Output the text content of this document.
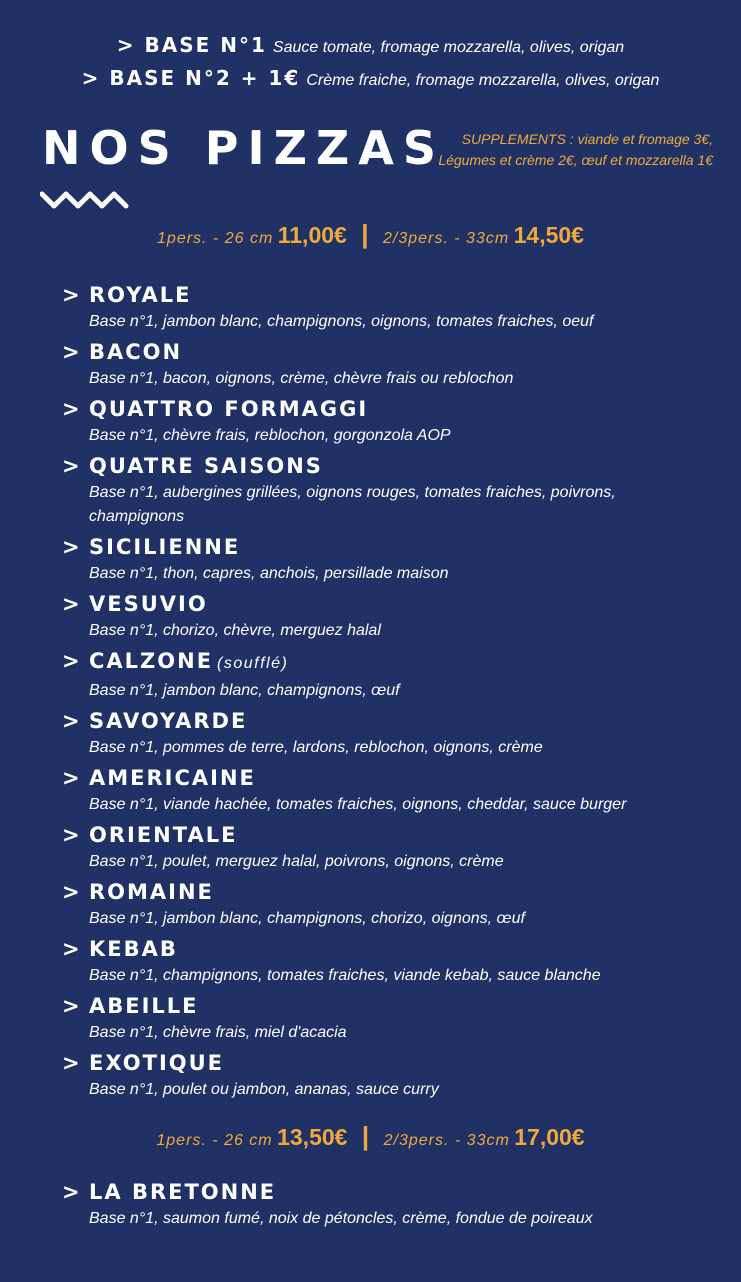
> BASE N°1 Sauce tomate, fromage mozzarella, olives, origan
> BASE N°2 + 1€ Crème fraiche, fromage mozzarella, olives, origan
NOS PIZZAS	SUPPLEMENTS : viande et fromage 3€,
Légumes et crème 2€, œuf et mozzarella 1€
1pers. - 26 cm 11,00€ | 2/3pers. - 33cm 14,50€
> ROYALE
Base n°1, jambon blanc, champignons, oignons, tomates fraiches, oeuf
> BACON
Base n°1, bacon, oignons, crème, chèvre frais ou reblochon
> QUATTRO FORMAGGI
Base n°1, chèvre frais, reblochon, gorgonzola AOP
> QUATRE SAISONS
Base n°1, aubergines grillées, oignons rouges, tomates fraiches, poivrons, champignons
> SICILIENNE
Base n°1, thon, capres, anchois, persillade maison
> VESUVIO
Base n°1, chorizo, chèvre, merguez halal
> CALZONE (soufflé)
Base n°1, jambon blanc, champignons, œuf
> SAVOYARDE
Base n°1, pommes de terre, lardons, reblochon, oignons, crème
> AMERICAINE
Base n°1, viande hachée, tomates fraiches, oignons, cheddar, sauce burger
> ORIENTALE
Base n°1, poulet, merguez halal, poivrons, oignons, crème
> ROMAINE
Base n°1, jambon blanc, champignons, chorizo, oignons, œuf
> KEBAB
Base n°1, champignons, tomates fraiches, viande kebab, sauce blanche
> ABEILLE
Base n°1, chèvre frais, miel d'acacia
> EXOTIQUE
Base n°1, poulet ou jambon, ananas, sauce curry
1pers. - 26 cm 13,50€ | 2/3pers. - 33cm 17,00€
> LA BRETONNE
Base n°1, saumon fumé, noix de pétoncles, crème, fondue de poireaux
